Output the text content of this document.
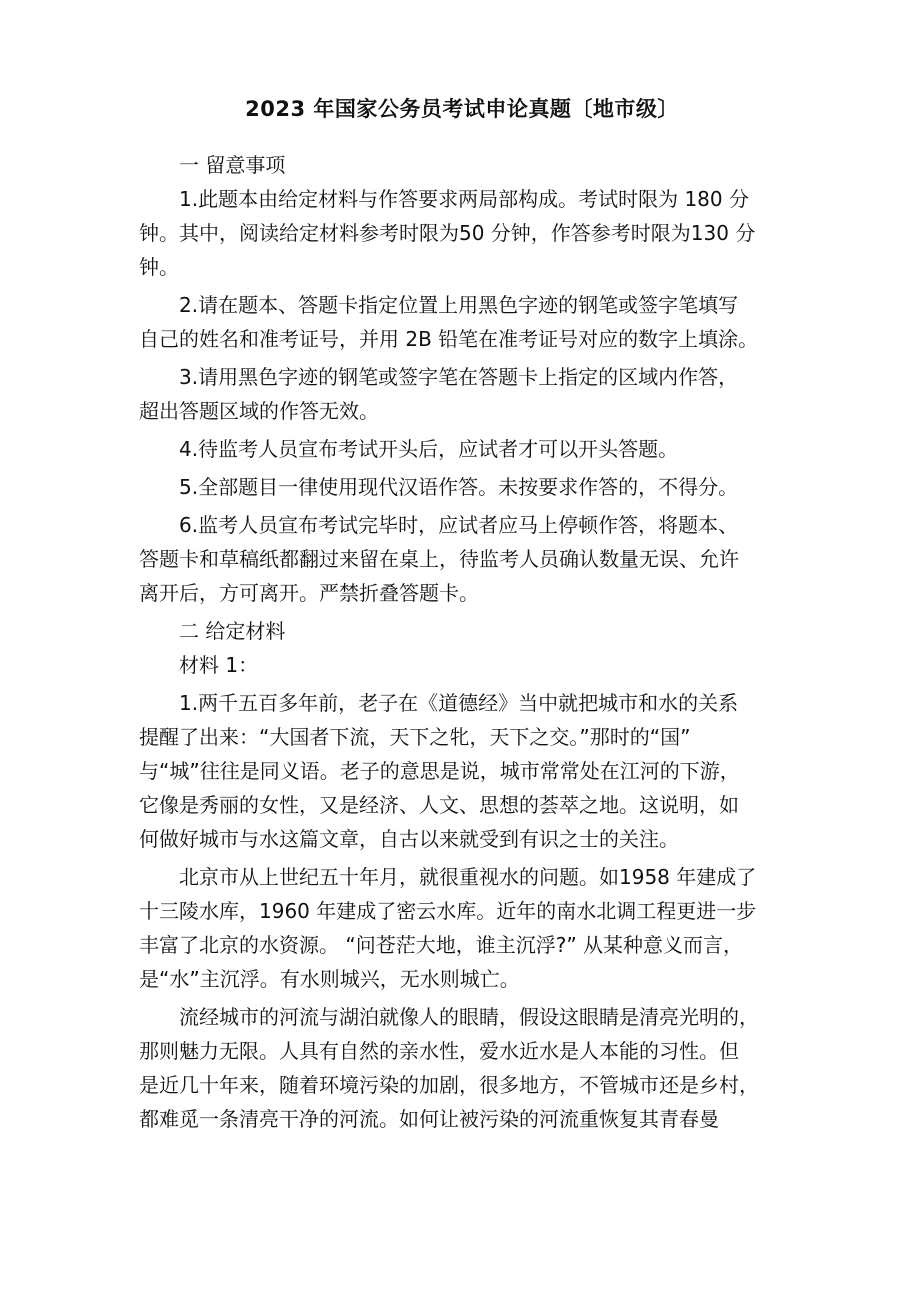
2023 年国家公务员考试申论真题〔地市级〕

一 留意事项

1.此题本由给定材料与作答要求两局部构成。考试时限为 180 分
钟。其中，阅读给定材料参考时限为50 分钟，作答参考时限为130 分
钟。

2.请在题本、答题卡指定位置上用黑色字迹的钢笔或签字笔填写
自己的姓名和准考证号，并用 2B 铅笔在准考证号对应的数字上填涂。

3.请用黑色字迹的钢笔或签字笔在答题卡上指定的区域内作答，
超出答题区域的作答无效。

4.待监考人员宣布考试开头后，应试者才可以开头答题。

5.全部题目一律使用现代汉语作答。未按要求作答的，不得分。

6.监考人员宣布考试完毕时，应试者应马上停顿作答，将题本、
答题卡和草稿纸都翻过来留在桌上，待监考人员确认数量无误、允许
离开后，方可离开。严禁折叠答题卡。

二 给定材料

材料 1：

1.两千五百多年前，老子在《道德经》当中就把城市和水的关系
提醒了出来：“大国者下流，天下之牝，天下之交。”那时的“国”
与“城”往往是同义语。老子的意思是说，城市常常处在江河的下游，
它像是秀丽的女性，又是经济、人文、思想的荟萃之地。这说明，如
何做好城市与水这篇文章，自古以来就受到有识之士的关注。

北京市从上世纪五十年月，就很重视水的问题。如1958 年建成了
十三陵水库，1960 年建成了密云水库。近年的南水北调工程更进一步
丰富了北京的水资源。 “问苍茫大地，谁主沉浮?” 从某种意义而言，
是“水”主沉浮。有水则城兴，无水则城亡。

流经城市的河流与湖泊就像人的眼睛，假设这眼睛是清亮光明的，
那则魅力无限。人具有自然的亲水性，爱水近水是人本能的习性。但
是近几十年来，随着环境污染的加剧，很多地方，不管城市还是乡村，
都难觅一条清亮干净的河流。如何让被污染的河流重恢复其青春曼
